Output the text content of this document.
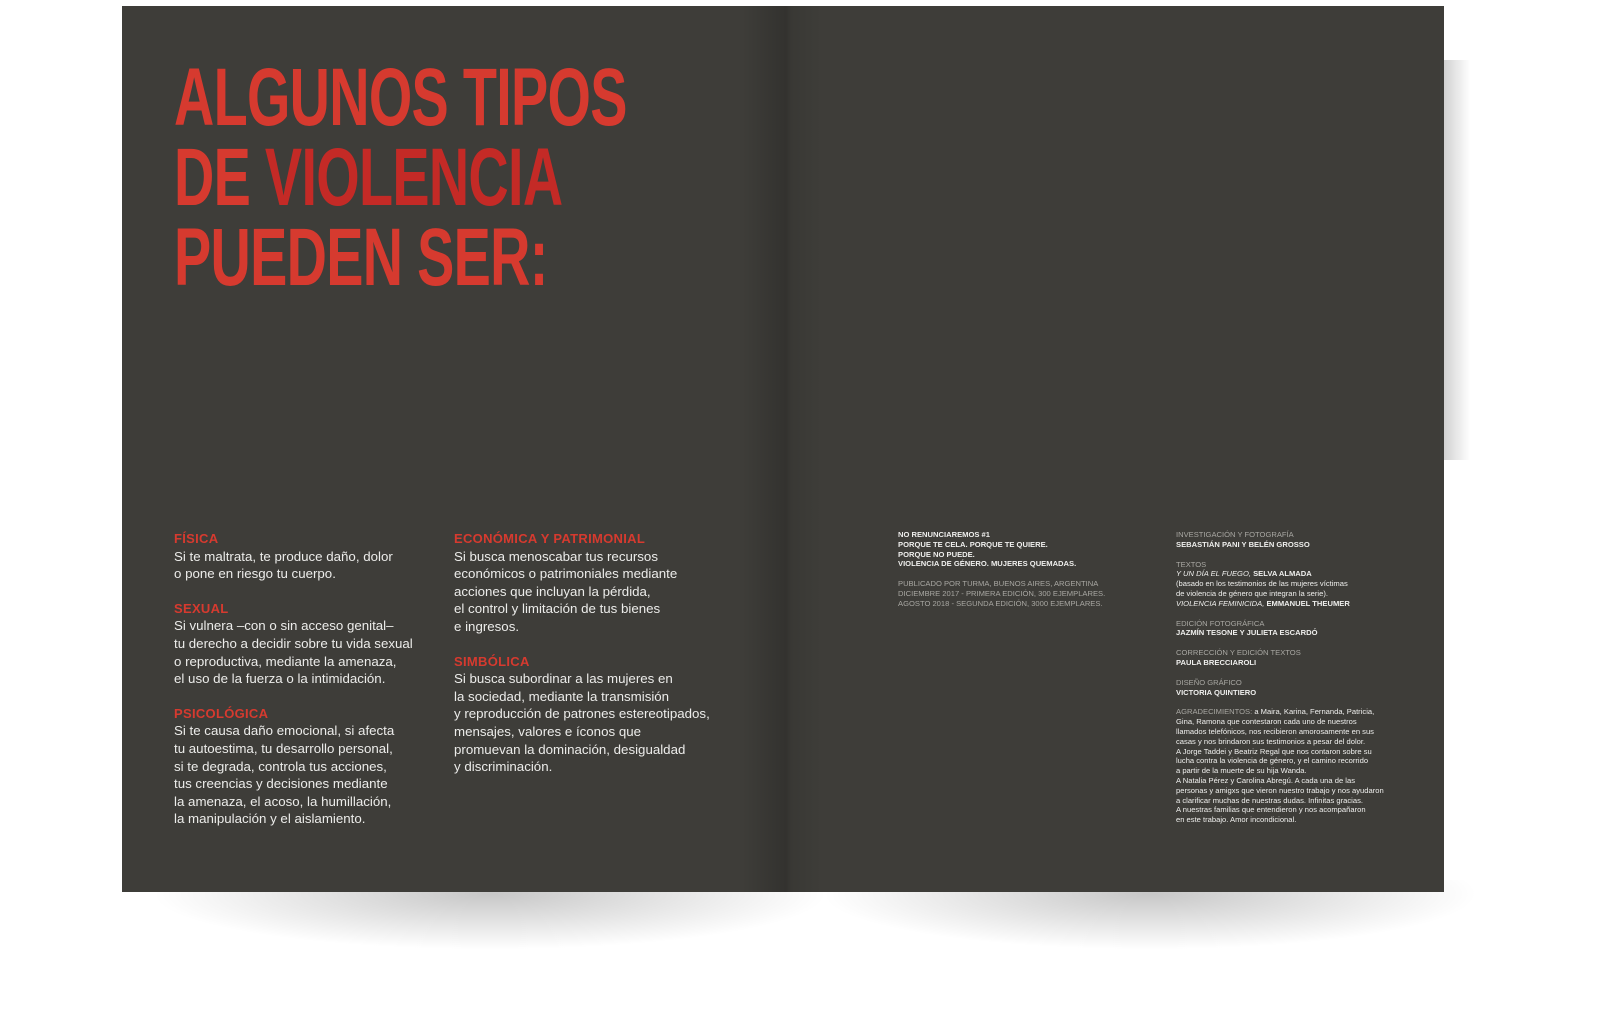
ALGUNOS TIPOS
DE VIOLENCIA
PUEDEN SER:
FÍSICA

Si te maltrata, te produce daño, dolor
o pone en riesgo tu cuerpo.

SEXUAL

Si vulnera –con o sin acceso genital–
tu derecho a decidir sobre tu vida sexual
o reproductiva, mediante la amenaza,
el uso de la fuerza o la intimidación.

PSICOLÓGICA

Si te causa daño emocional, si afecta
tu autoestima, tu desarrollo personal,
si te degrada, controla tus acciones,
tus creencias y decisiones mediante
la amenaza, el acoso, la humillación,
la manipulación y el aislamiento.

ECONÓMICA Y PATRIMONIAL

Si busca menoscabar tus recursos
económicos o patrimoniales mediante
acciones que incluyan la pérdida,
el control y limitación de tus bienes
e ingresos.

SIMBÓLICA

Si busca subordinar a las mujeres en
la sociedad, mediante la transmisión
y reproducción de patrones estereotipados,
mensajes, valores e íconos que
promuevan la dominación, desigualdad
y discriminación.

NO RENUNCIAREMOS #1
PORQUE TE CELA. PORQUE TE QUIERE.
PORQUE NO PUEDE.
VIOLENCIA DE GÉNERO. MUJERES QUEMADAS.

PUBLICADO POR TURMA, BUENOS AIRES, ARGENTINA
DICIEMBRE 2017 - PRIMERA EDICIÓN, 300 EJEMPLARES.
AGOSTO 2018 - SEGUNDA EDICIÓN, 3000 EJEMPLARES.

INVESTIGACIÓN Y FOTOGRAFÍA
SEBASTIÁN PANI Y BELÉN GROSSO
TEXTOS
Y UN DÍA EL FUEGO, SELVA ALMADA
(basado en los testimonios de las mujeres víctimas
de violencia de género que integran la serie).
VIOLENCIA FEMINICIDA, EMMANUEL THEUMER
EDICIÓN FOTOGRÁFICA
JAZMÍN TESONE Y JULIETA ESCARDÓ
CORRECCIÓN Y EDICIÓN TEXTOS
PAULA BRECCIAROLI
DISEÑO GRÁFICO
VICTORIA QUINTIERO
AGRADECIMIENTOS: a Maira, Karina, Fernanda, Patricia,
Gina, Ramona que contestaron cada uno de nuestros
llamados telefónicos, nos recibieron amorosamente en sus
casas y nos brindaron sus testimonios a pesar del dolor.
A Jorge Taddei y Beatriz Regal que nos contaron sobre su
lucha contra la violencia de género, y el camino recorrido
a partir de la muerte de su hija Wanda.
A Natalia Pérez y Carolina Abregú. A cada una de las
personas y amigxs que vieron nuestro trabajo y nos ayudaron
a clarificar muchas de nuestras dudas. Infinitas gracias.
A nuestras familias que entendieron y nos acompañaron
en este trabajo. Amor incondicional.
